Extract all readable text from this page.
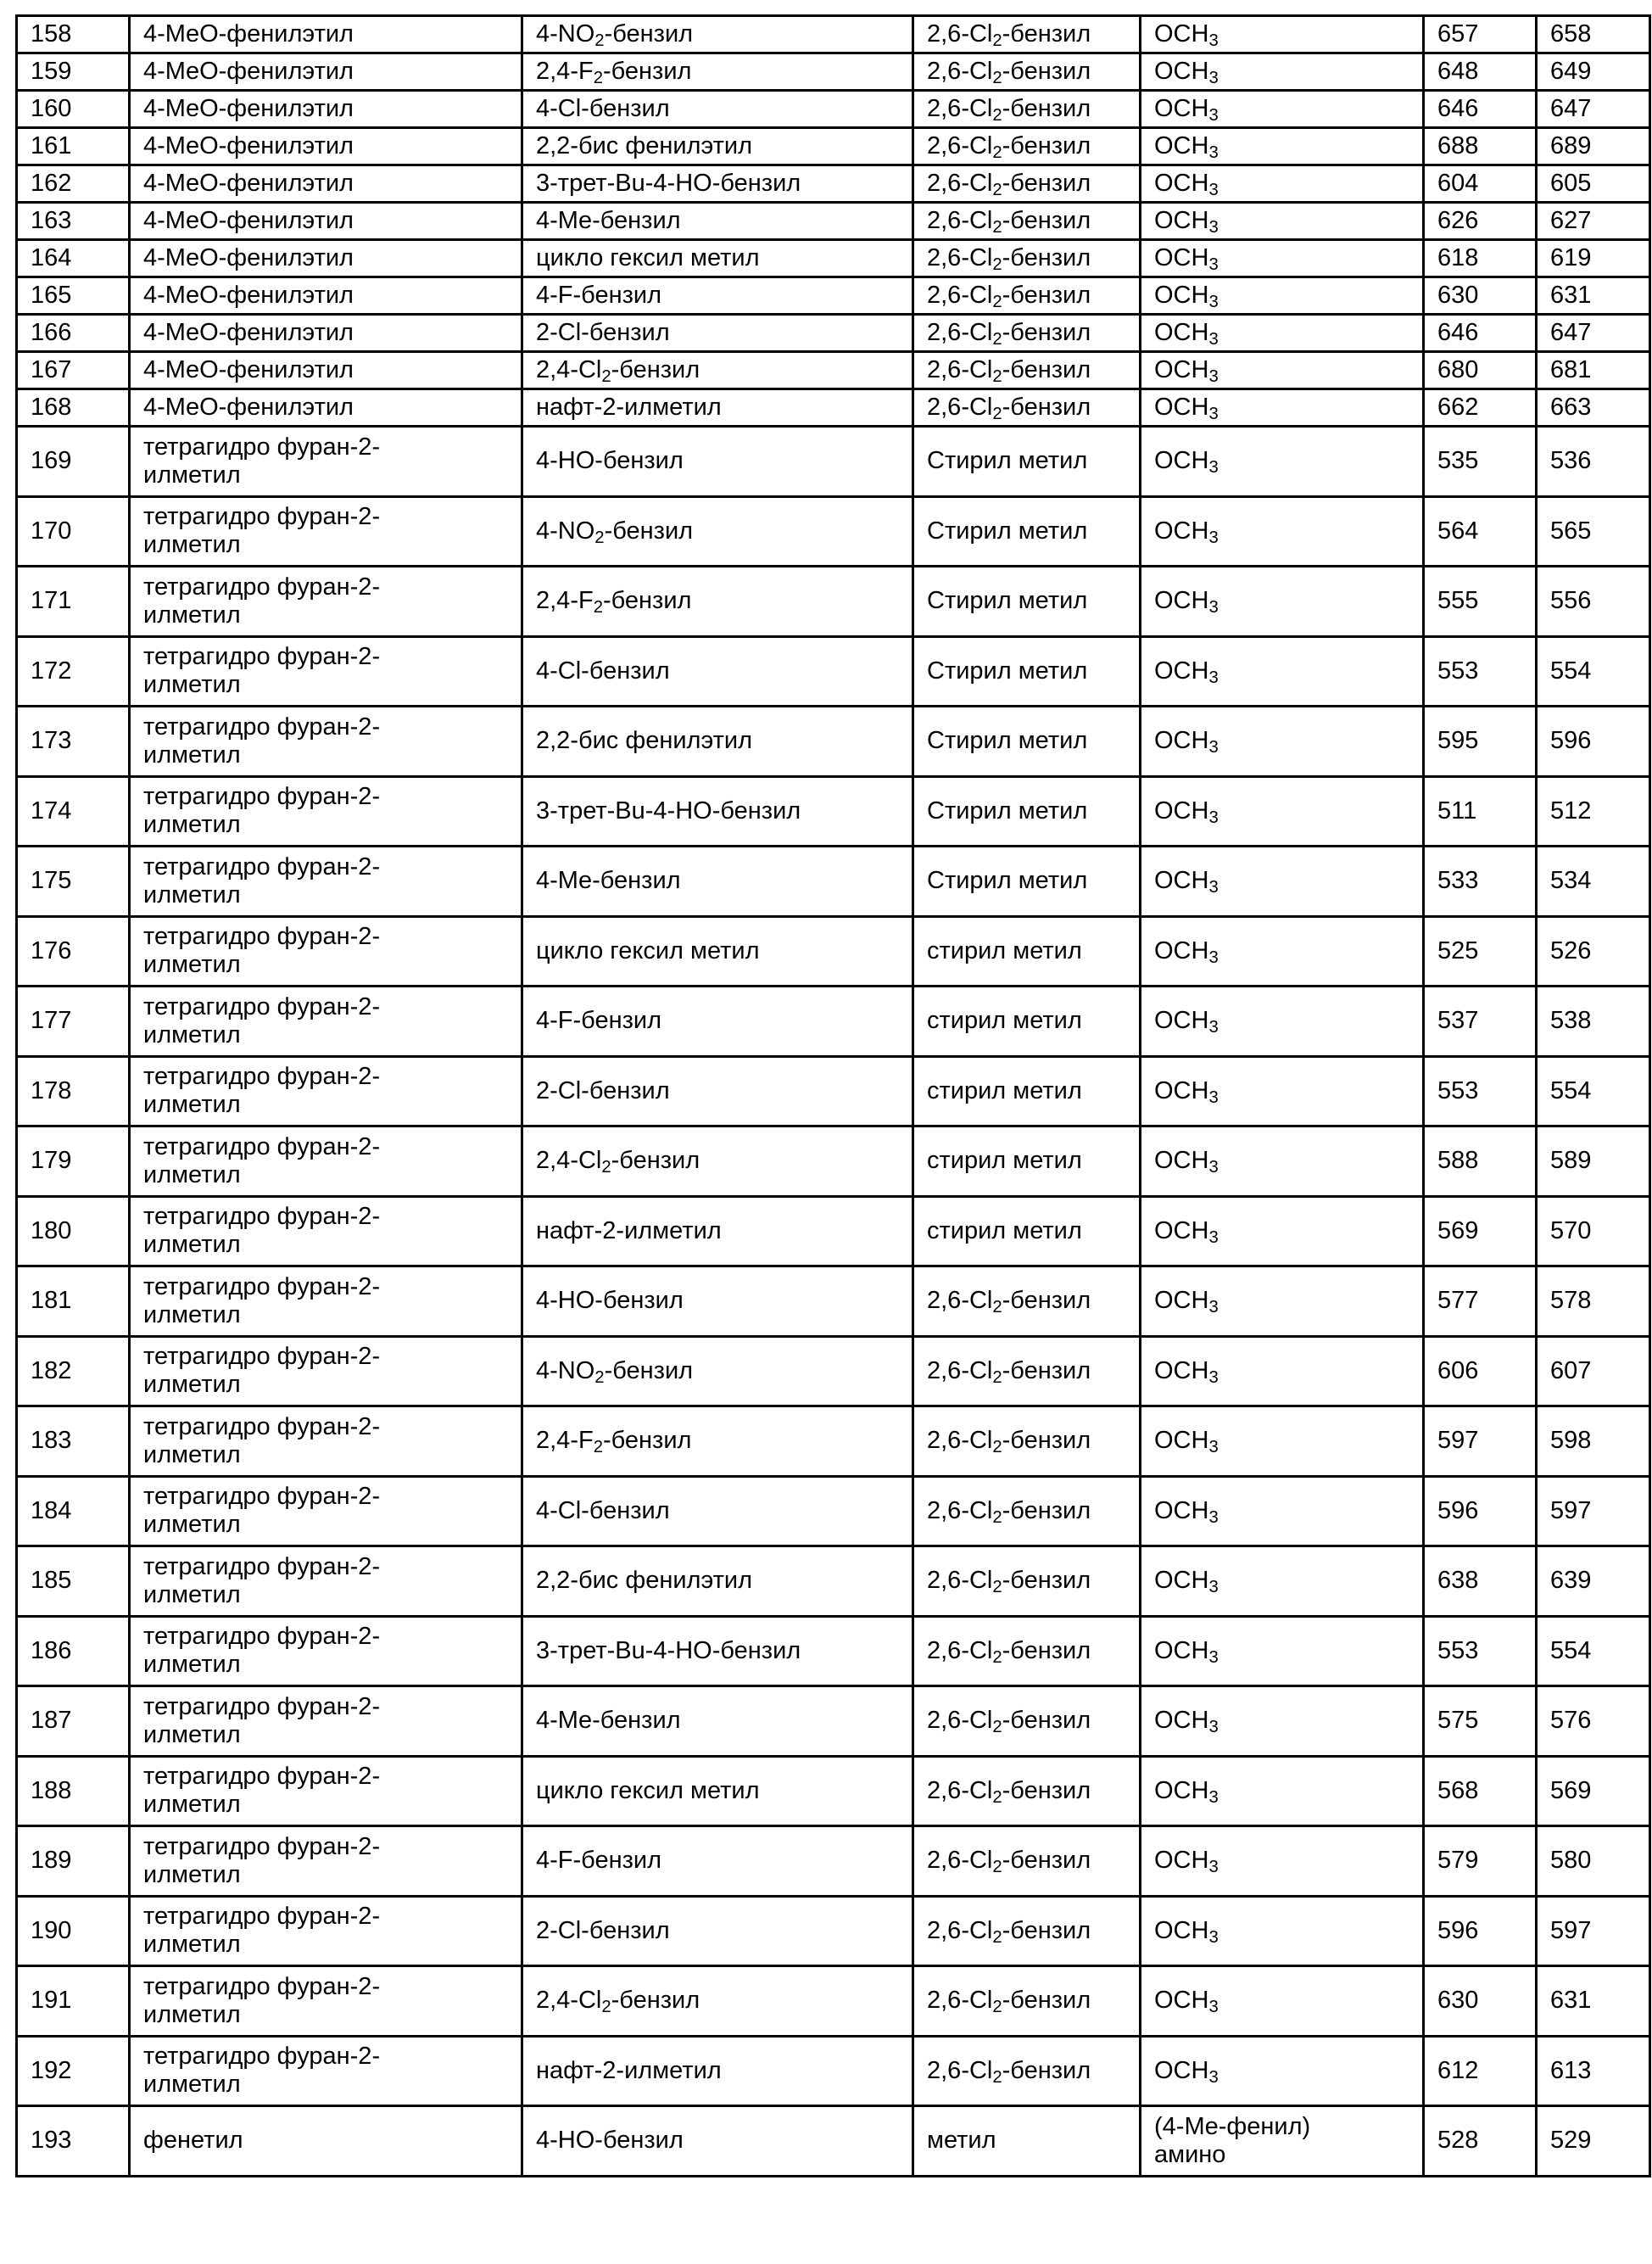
158	4-MeO-фенилэтил	$4-NO_2$-бензил	$2,6-Cl_2$-бензил	$OCH_3$	657	658
159	4-MeO-фенилэтил	$2,4-F_2$-бензил	$2,6-Cl_2$-бензил	$OCH_3$	648	649
160	4-MeO-фенилэтил	4-Cl-бензил	$2,6-Cl_2$-бензил	$OCH_3$	646	647
161	4-MeO-фенилэтил	2,2-бис фенилэтил	$2,6-Cl_2$-бензил	$OCH_3$	688	689
162	4-MeO-фенилэтил	3-трет-Bu-4-HO-бензил	$2,6-Cl_2$-бензил	$OCH_3$	604	605
163	4-MeO-фенилэтил	4-Me-бензил	$2,6-Cl_2$-бензил	$OCH_3$	626	627
164	4-MeO-фенилэтил	цикло гексил метил	$2,6-Cl_2$-бензил	$OCH_3$	618	619
165	4-MeO-фенилэтил	4-F-бензил	$2,6-Cl_2$-бензил	$OCH_3$	630	631
166	4-MeO-фенилэтил	2-Cl-бензил	$2,6-Cl_2$-бензил	$OCH_3$	646	647
167	4-MeO-фенилэтил	$2,4-Cl_2$-бензил	$2,6-Cl_2$-бензил	$OCH_3$	680	681
168	4-MeO-фенилэтил	нафт-2-илметил	$2,6-Cl_2$-бензил	$OCH_3$	662	663
169	тетрагидро фуран-2-
илметил	4-HO-бензил	Стирил метил	$OCH_3$	535	536
170	тетрагидро фуран-2-
илметил	$4-NO_2$-бензил	Стирил метил	$OCH_3$	564	565
171	тетрагидро фуран-2-
илметил	$2,4-F_2$-бензил	Стирил метил	$OCH_3$	555	556
172	тетрагидро фуран-2-
илметил	4-Cl-бензил	Стирил метил	$OCH_3$	553	554
173	тетрагидро фуран-2-
илметил	2,2-бис фенилэтил	Стирил метил	$OCH_3$	595	596
174	тетрагидро фуран-2-
илметил	3-трет-Bu-4-HO-бензил	Стирил метил	$OCH_3$	511	512
175	тетрагидро фуран-2-
илметил	4-Me-бензил	Стирил метил	$OCH_3$	533	534
176	тетрагидро фуран-2-
илметил	цикло гексил метил	стирил метил	$OCH_3$	525	526
177	тетрагидро фуран-2-
илметил	4-F-бензил	стирил метил	$OCH_3$	537	538
178	тетрагидро фуран-2-
илметил	2-Cl-бензил	стирил метил	$OCH_3$	553	554
179	тетрагидро фуран-2-
илметил	$2,4-Cl_2$-бензил	стирил метил	$OCH_3$	588	589
180	тетрагидро фуран-2-
илметил	нафт-2-илметил	стирил метил	$OCH_3$	569	570
181	тетрагидро фуран-2-
илметил	4-HO-бензил	$2,6-Cl_2$-бензил	$OCH_3$	577	578
182	тетрагидро фуран-2-
илметил	$4-NO_2$-бензил	$2,6-Cl_2$-бензил	$OCH_3$	606	607
183	тетрагидро фуран-2-
илметил	$2,4-F_2$-бензил	$2,6-Cl_2$-бензил	$OCH_3$	597	598
184	тетрагидро фуран-2-
илметил	4-Cl-бензил	$2,6-Cl_2$-бензил	$OCH_3$	596	597
185	тетрагидро фуран-2-
илметил	2,2-бис фенилэтил	$2,6-Cl_2$-бензил	$OCH_3$	638	639
186	тетрагидро фуран-2-
илметил	3-трет-Bu-4-HO-бензил	$2,6-Cl_2$-бензил	$OCH_3$	553	554
187	тетрагидро фуран-2-
илметил	4-Me-бензил	$2,6-Cl_2$-бензил	$OCH_3$	575	576
188	тетрагидро фуран-2-
илметил	цикло гексил метил	$2,6-Cl_2$-бензил	$OCH_3$	568	569
189	тетрагидро фуран-2-
илметил	4-F-бензил	$2,6-Cl_2$-бензил	$OCH_3$	579	580
190	тетрагидро фуран-2-
илметил	2-Cl-бензил	$2,6-Cl_2$-бензил	$OCH_3$	596	597
191	тетрагидро фуран-2-
илметил	$2,4-Cl_2$-бензил	$2,6-Cl_2$-бензил	$OCH_3$	630	631
192	тетрагидро фуран-2-
илметил	нафт-2-илметил	$2,6-Cl_2$-бензил	$OCH_3$	612	613
193	фенетил	4-HO-бензил	метил	(4-Me-фенил)
амино	528	529
